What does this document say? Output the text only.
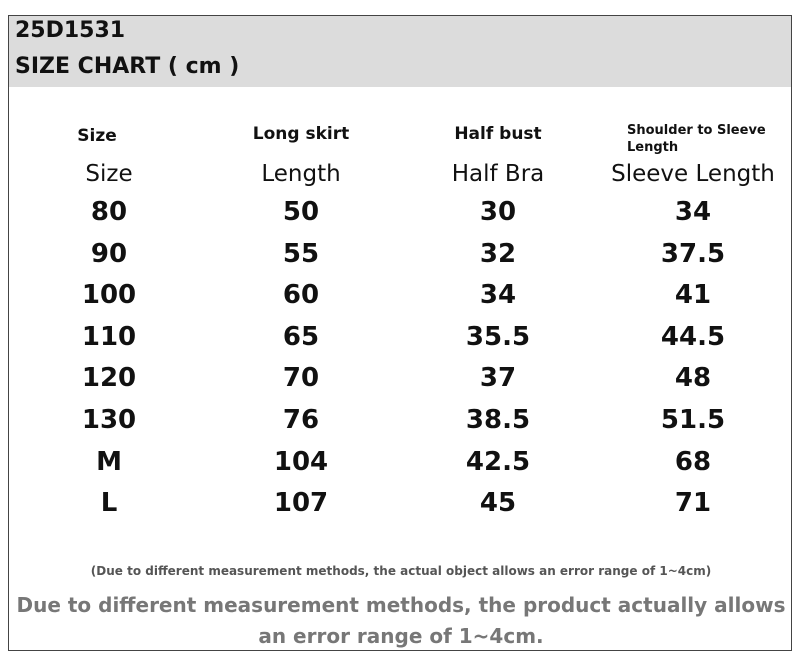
25D1531
SIZE CHART ( cm )
Size	Long skirt	Half bust	Shoulder to Sleeve Length
Size	Length	Half Bra	Sleeve Length
80	50	30	34
90	55	32	37.5
100	60	34	41
110	65	35.5	44.5
120	70	37	48
130	76	38.5	51.5
M	104	42.5	68
L	107	45	71
(Due to different measurement methods, the actual object allows an error range of 1~4cm)
Due to different measurement methods, the product actually allows an error range of 1~4cm.
